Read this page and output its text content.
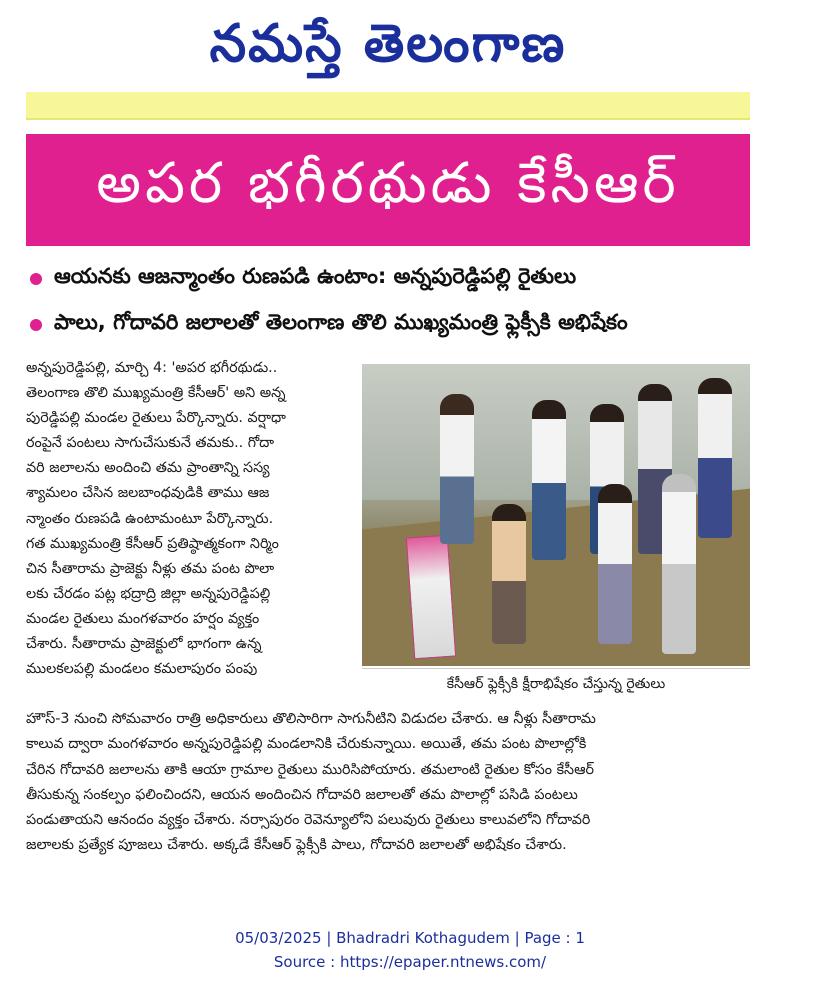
నమస్తే తెలంగాణ
అపర భగీరథుడు కేసీఆర్
ఆయనకు ఆజన్మాంతం రుణపడి ఉంటాం: అన్నపురెడ్డిపల్లి రైతులు
పాలు, గోదావరి జలాలతో తెలంగాణ తొలి ముఖ్యమంత్రి ఫ్లెక్సీకి అభిషేకం
అన్నపురెడ్డిపల్లి, మార్చి 4: 'అపర భగీరథుడు..
తెలంగాణ తొలి ముఖ్యమంత్రి కేసీఆర్' అని అన్న
పురెడ్డిపల్లి మండల రైతులు పేర్కొన్నారు. వర్షాధా
రంపైనే పంటలు సాగుచేసుకునే తమకు.. గోదా
వరి జలాలను అందించి తమ ప్రాంతాన్ని సస్య
శ్యామలం చేసిన జలబాంధవుడికి తాము ఆజ
న్మాంతం రుణపడి ఉంటామంటూ పేర్కొన్నారు.
గత ముఖ్యమంత్రి కేసీఆర్ ప్రతిష్ఠాత్మకంగా నిర్మిం
చిన సీతారామ ప్రాజెక్టు నీళ్లు తమ పంట పొలా
లకు చేరడం పట్ల భద్రాద్రి జిల్లా అన్నపురెడ్డిపల్లి
మండల రైతులు మంగళవారం హర్షం వ్యక్తం
చేశారు. సీతారామ ప్రాజెక్టులో భాగంగా ఉన్న
ములకలపల్లి మండలం కమలాపురం పంపు
కేసీఆర్ ఫ్లెక్సీకి క్షీరాభిషేకం చేస్తున్న రైతులు
హౌస్-3 నుంచి సోమవారం రాత్రి అధికారులు తొలిసారిగా సాగునీటిని విడుదల చేశారు. ఆ నీళ్లు సీతారామ
కాలువ ద్వారా మంగళవారం అన్నపురెడ్డిపల్లి మండలానికి చేరుకున్నాయి. అయితే, తమ పంట పొలాల్లోకి
చేరిన గోదావరి జలాలను తాకి ఆయా గ్రామాల రైతులు మురిసిపోయారు. తమలాంటి రైతుల కోసం కేసీఆర్
తీసుకున్న సంకల్పం ఫలించిందని, ఆయన అందించిన గోదావరి జలాలతో తమ పొలాల్లో పసిడి పంటలు
పండుతాయని ఆనందం వ్యక్తం చేశారు. నర్సాపురం రెవెన్యూలోని పలువురు రైతులు కాలువలోని గోదావరి
జలాలకు ప్రత్యేక పూజలు చేశారు. అక్కడే కేసీఆర్ ఫ్లెక్సీకి పాలు, గోదావరి జలాలతో అభిషేకం చేశారు.
05/03/2025 | Bhadradri Kothagudem | Page : 1
Source : https://epaper.ntnews.com/
